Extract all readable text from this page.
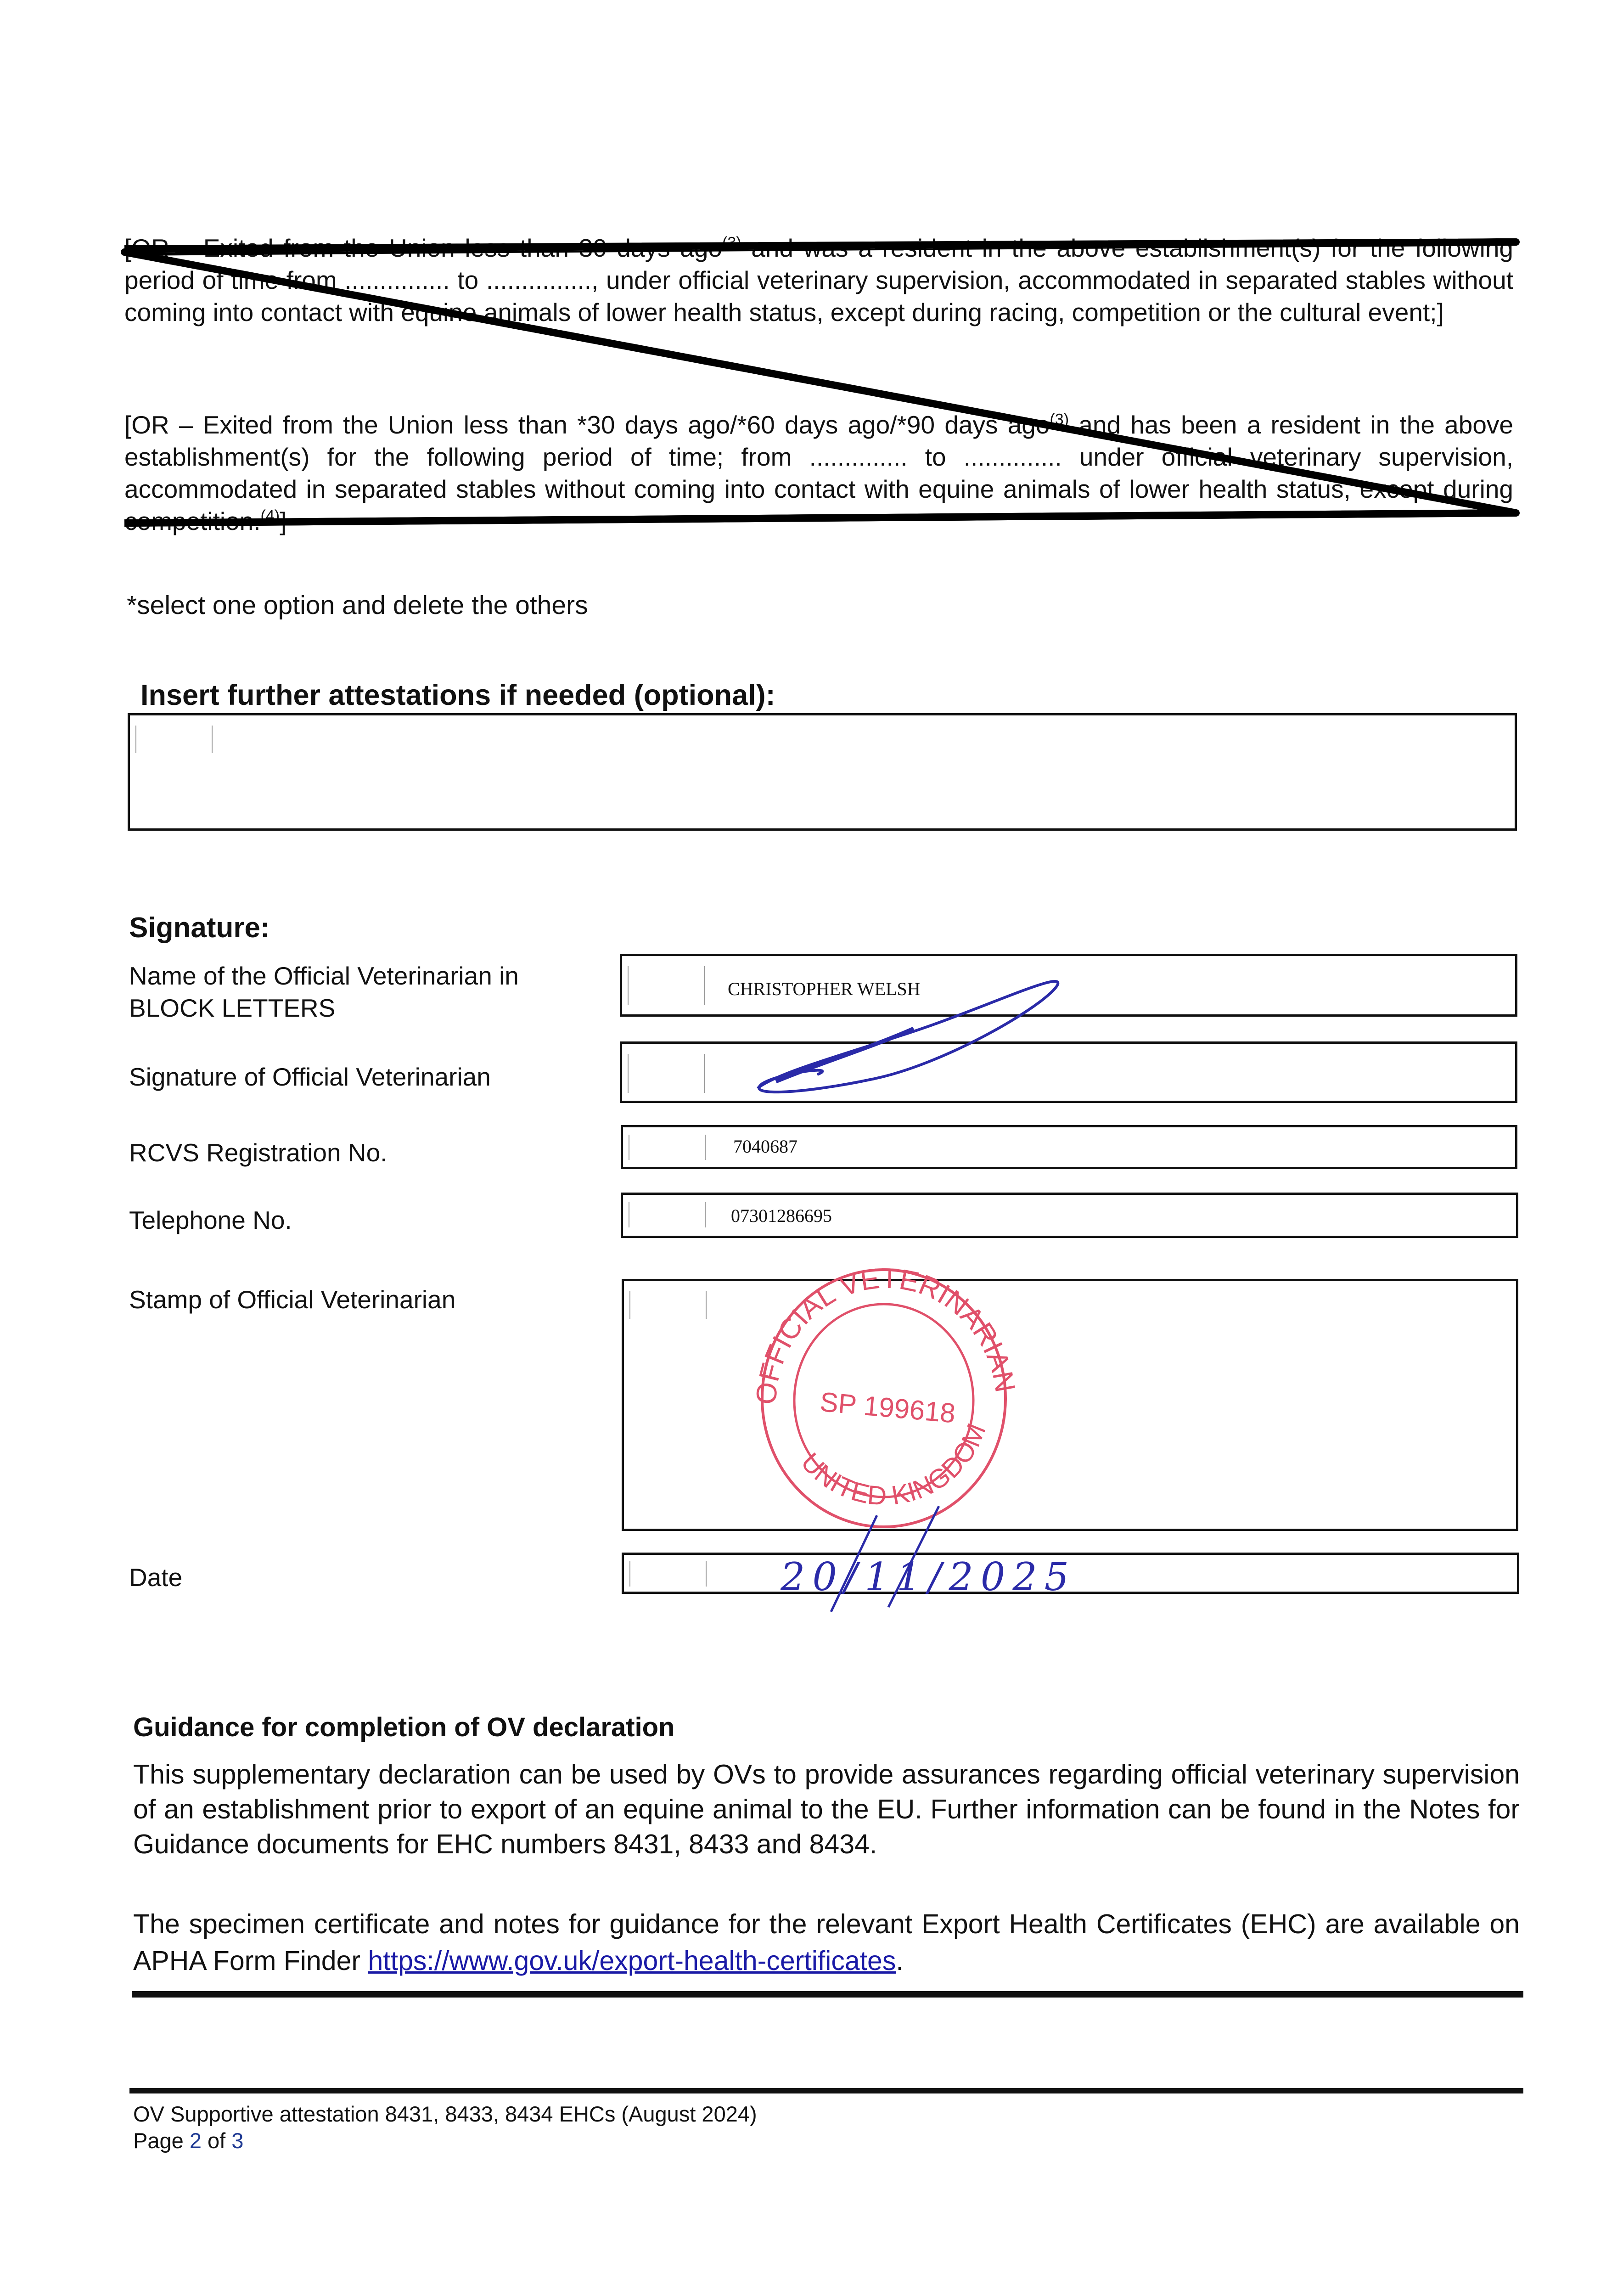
[OR – Exited from the Union less than 30 days ago$^{(3)}$ and was a resident in the above establishment(s) for the following period of time from ............... to ..............., under official veterinary supervision, accommodated in separated stables without coming into contact with equine animals of lower health status, except during racing, competition or the cultural event;]
[OR – Exited from the Union less than *30 days ago/*60 days ago/*90 days ago$^{(3)}$ and has been a resident in the above establishment(s) for the following period of time; from .............. to .............. under official veterinary supervision, accommodated in separated stables without coming into contact with equine animals of lower health status, except during $^{(4)}$
*select one option and delete the others
Insert further attestations if needed (optional):
Signature:
Name of the Official Veterinarian in
BLOCK LETTERS
CHRISTOPHER WELSH
Signature of Official Veterinarian
RCVS Registration No.	7040687
Telephone No.	07301286695
Stamp of Official Veterinarian
Date
OFFICIAL VETERINARIAN
UNITED KINGDOM
SP 199618
20/11/2025
Guidance for completion of OV declaration
This supplementary declaration can be used by OVs to provide assurances regarding official veterinary supervision of an establishment prior to export of an equine animal to the EU. Further information can be found in the Notes for Guidance documents for EHC numbers 8431, 8433 and 8434.
The specimen certificate and notes for guidance for the relevant Export Health Certificates (EHC) are available on APHA Form Finder https://www.gov.uk/export-health-certificates.
OV Supportive attestation 8431, 8433, 8434 EHCs (August 2024)
Page 2 of 3
